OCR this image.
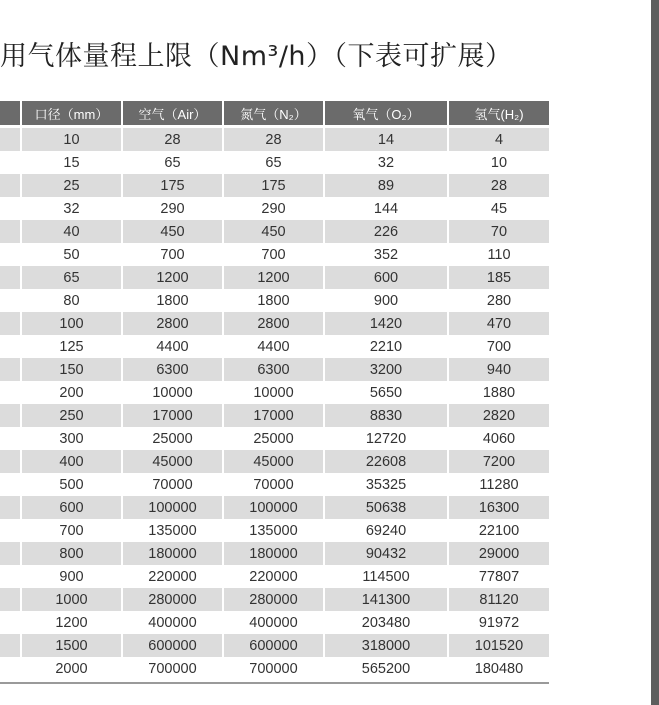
用气体量程上限（Nm³/h）（下表可扩展）
	口径（mm）	空气（Air）	氮气（N₂）	氧气（O₂）	氢气(H₂)
	10	28	28	14	4
	15	65	65	32	10
	25	175	175	89	28
	32	290	290	144	45
	40	450	450	226	70
	50	700	700	352	110
	65	1200	1200	600	185
	80	1800	1800	900	280
	100	2800	2800	1420	470
	125	4400	4400	2210	700
	150	6300	6300	3200	940
	200	10000	10000	5650	1880
	250	17000	17000	8830	2820
	300	25000	25000	12720	4060
	400	45000	45000	22608	7200
	500	70000	70000	35325	11280
	600	100000	100000	50638	16300
	700	135000	135000	69240	22100
	800	180000	180000	90432	29000
	900	220000	220000	114500	77807
	1000	280000	280000	141300	81120
	1200	400000	400000	203480	91972
	1500	600000	600000	318000	101520
	2000	700000	700000	565200	180480
